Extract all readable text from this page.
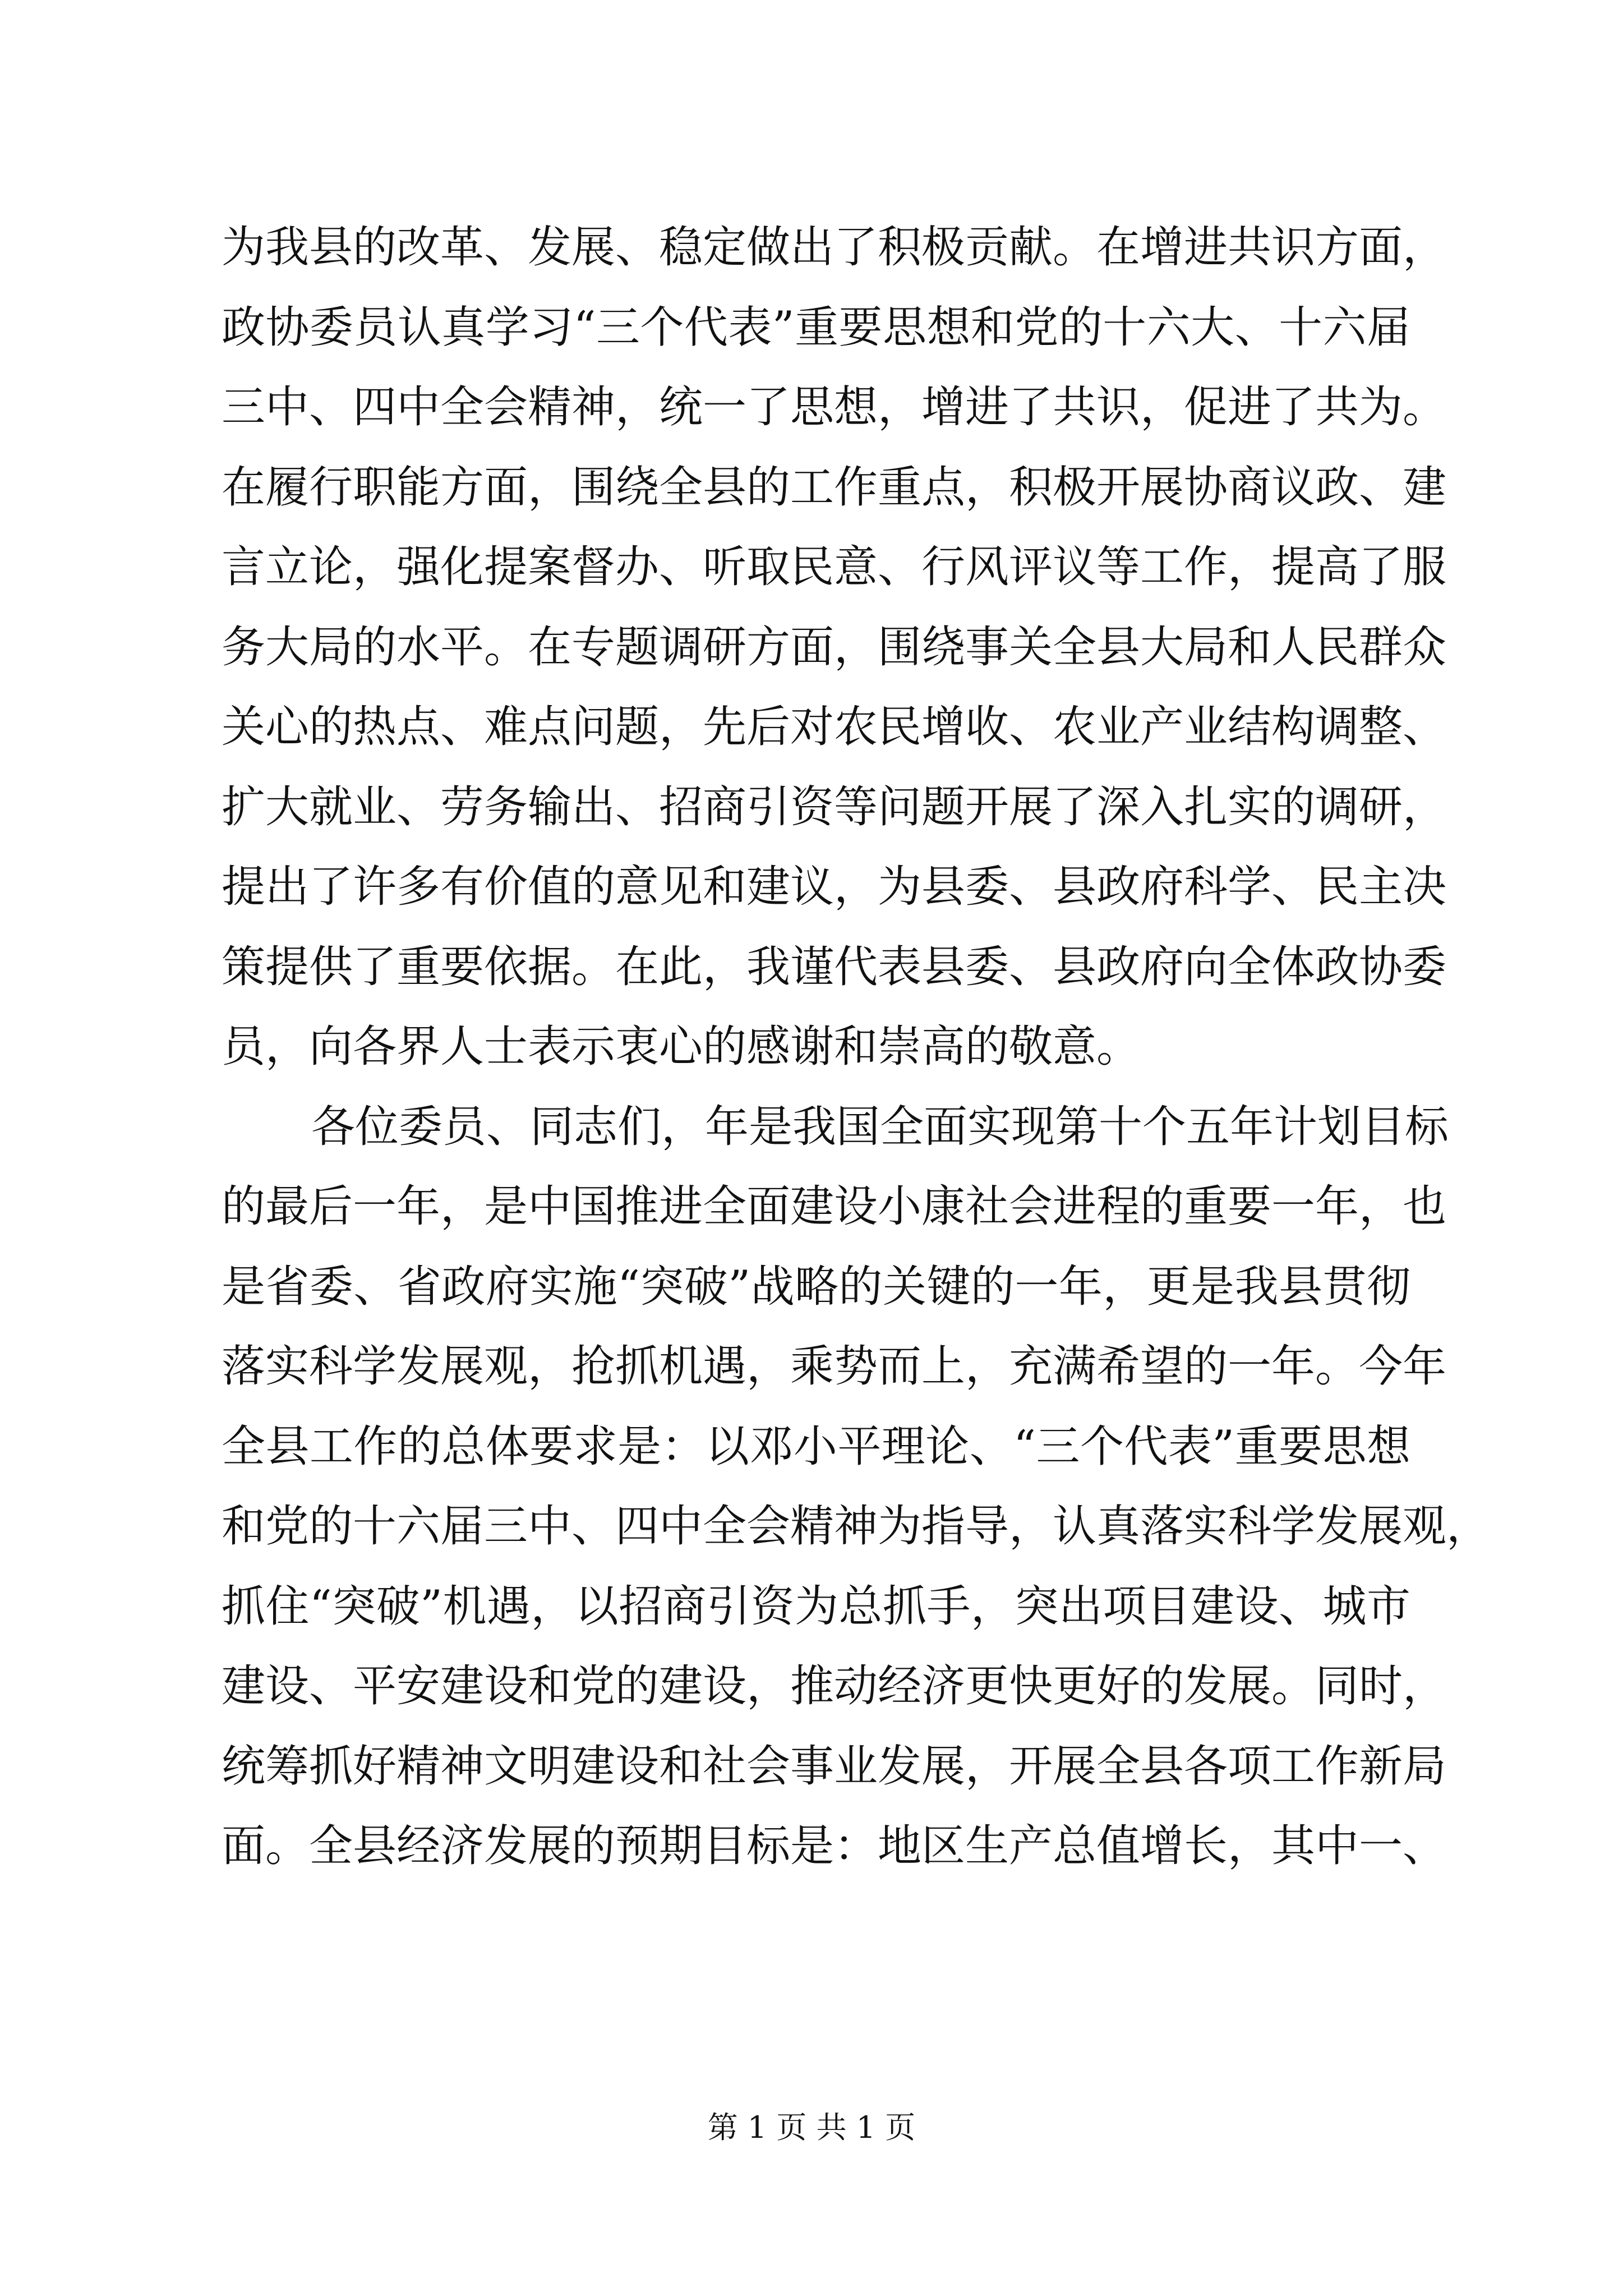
为我县的改革、发展、稳定做出了积极贡献。在增进共识方面，
政协委员认真学习“三个代表”重要思想和党的十六大、十六届
三中、四中全会精神，统一了思想，增进了共识，促进了共为。
在履行职能方面，围绕全县的工作重点，积极开展协商议政、建
言立论，强化提案督办、听取民意、行风评议等工作，提高了服
务大局的水平。在专题调研方面，围绕事关全县大局和人民群众
关心的热点、难点问题，先后对农民增收、农业产业结构调整、
扩大就业、劳务输出、招商引资等问题开展了深入扎实的调研，
提出了许多有价值的意见和建议，为县委、县政府科学、民主决
策提供了重要依据。在此，我谨代表县委、县政府向全体政协委
员，向各界人士表示衷心的感谢和崇高的敬意。
各位委员、同志们，年是我国全面实现第十个五年计划目标
的最后一年，是中国推进全面建设小康社会进程的重要一年，也
是省委、省政府实施“突破”战略的关键的一年，更是我县贯彻
落实科学发展观，抢抓机遇，乘势而上，充满希望的一年。今年
全县工作的总体要求是：以邓小平理论、“三个代表”重要思想
和党的十六届三中、四中全会精神为指导，认真落实科学发展观，
抓住“突破”机遇，以招商引资为总抓手，突出项目建设、城市
建设、平安建设和党的建设，推动经济更快更好的发展。同时，
统筹抓好精神文明建设和社会事业发展，开展全县各项工作新局
面。全县经济发展的预期目标是：地区生产总值增长，其中一、
第 1 页 共 1 页
